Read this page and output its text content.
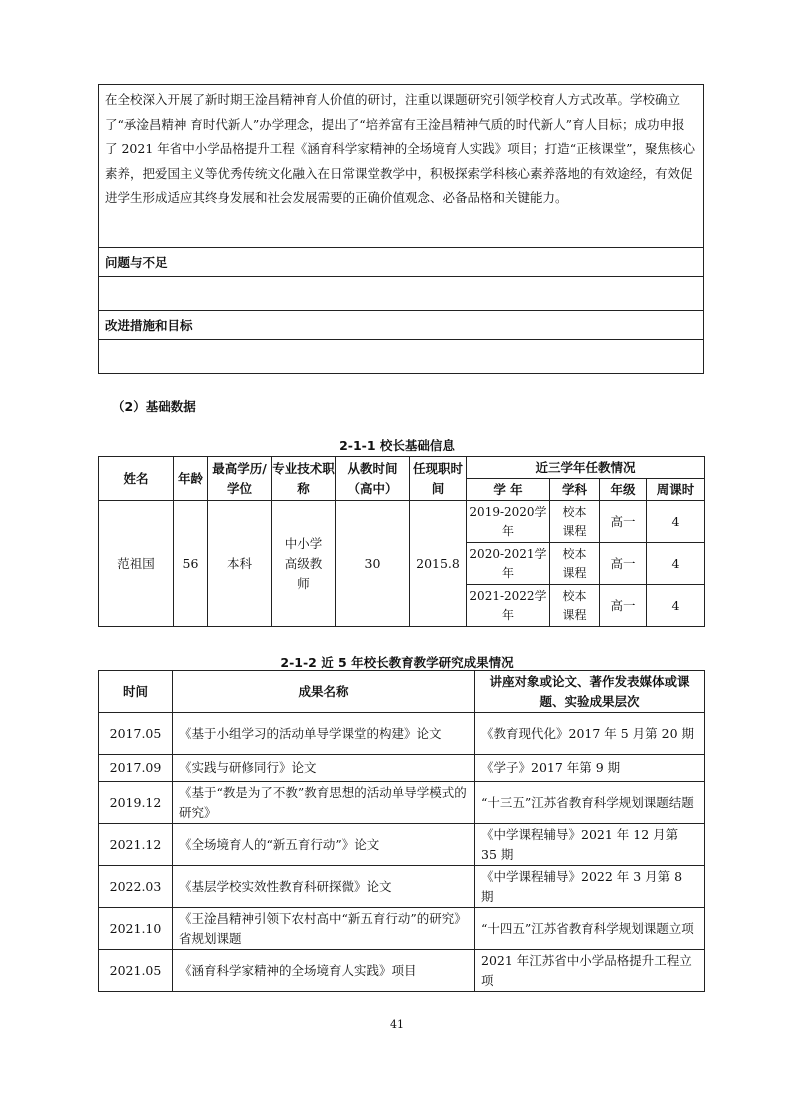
在全校深入开展了新时期王淦昌精神育人价值的研讨，注重以课题研究引领学校育人方式改革。学校确立了“承淦昌精神 育时代新人”办学理念，提出了“培养富有王淦昌精神气质的时代新人”育人目标；成功申报了 2021 年省中小学品格提升工程《涵育科学家精神的全场境育人实践》项目；打造“正核课堂”，聚焦核心素养，把爱国主义等优秀传统文化融入在日常课堂教学中，积极探索学科核心素养落地的有效途经，有效促进学生形成适应其终身发展和社会发展需要的正确价值观念、必备品格和关键能力。
问题与不足

改进措施和目标

（2）基础数据
2-1-1 校长基础信息
姓名	年龄	最高学历/学位	专业技术职称	从教时间（高中）	任现职时 间	近三学年任教情况			
						学 年	学科	年级	周课时
范祖国	56	本科	中小学高级教师	30	2015.8	2019-2020学年	校本课程	高一	4
						2020-2021学年	校本课程	高一	4
						2021-2022学年	校本课程	高一	4
2-1-2 近 5 年校长教育教学研究成果情况
时间	成果名称	讲座对象或论文、著作发表媒体或课题、实验成果层次
2017.05	《基于小组学习的活动单导学课堂的构建》论文	《教育现代化》2017 年 5 月第 20 期
2017.09	《实践与研修同行》论文	《学子》2017 年第 9 期
2019.12	《基于“教是为了不教”教育思想的活动单导学模式的研究》	“十三五”江苏省教育科学规划课题结题
2021.12	《全场境育人的“新五育行动”》论文	《中学课程辅导》2021 年 12 月第 35 期
2022.03	《基层学校实效性教育科研探微》论文	《中学课程辅导》2022 年 3 月第 8 期
2021.10	《王淦昌精神引领下农村高中“新五育行动”的研究》省规划课题	“十四五”江苏省教育科学规划课题立项
2021.05	《涵育科学家精神的全场境育人实践》项目	2021 年江苏省中小学品格提升工程立项
41
